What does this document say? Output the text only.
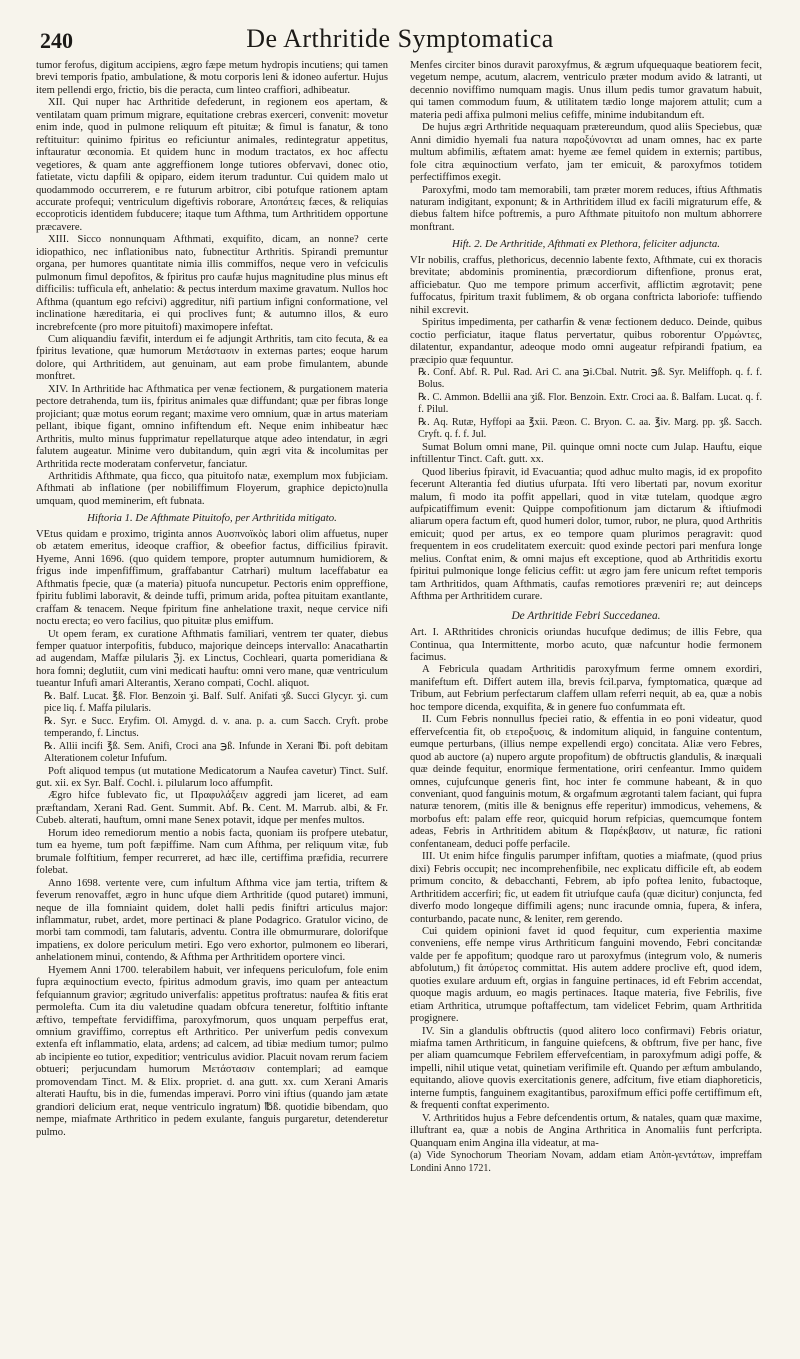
240	De Arthritide Symptomatica

tumor ferofus, digitum accipiens, ægro fæpe metum hydropis incutiens; qui tamen brevi temporis fpatio, ambulatione, & motu corporis leni & idoneo aufertur. Hujus item pellendi ergo, frictio, bis die peracta, cum linteo craffiori, adhibeatur.

XII. Qui nuper hac Arthritide defederunt, in regionem eos apertam, & ventilatam quam primum migrare, equitatione crebras exerceri, convenit: movetur enim inde, quod in pulmone reliquum eft pituitæ; & fimul is fanatur, & tono reftituitur: quinimo fpiritus eo reficiuntur animales, redintegratur appetitus, inftauratur œconomia. Et quidem hunc in modum tractatos, ex hoc affectu vegetiores, & quam ante aggreffionem longe tutiores obfervavi, donec otio, fatietate, victu dapfili & opiparo, eidem iterum traduntur. Cui quidem malo ut quodammodo occurrerem, e re futurum arbitror, cibi potufque rationem aptam accurate profequi; ventriculum digeftivis roborare, Αποπάτεις fæces, & reliquias eccoproticis identidem fubducere; itaque tum Afthma, tum Arthritidem opportune præcavere.

XIII. Sicco nonnunquam Afthmati, exquifito, dicam, an nonne? certe idiopathico, nec inflationibus nato, fubnectitur Arthritis. Spirandi premuntur organa, per humores quantitate nimia illis commiffos, neque vero in vefciculis pulmonum fimul depofitos, & fpiritus pro caufæ hujus magnitudine plus minus eft difficilis: tuffìcula eft, anhelatio: & pectus interdum maxime gravatum. Nullos hoc Afthma (quantum ego refcivi) aggreditur, nifi partium infigni conformatione, vel inclinatione hæreditaria, ei qui proclives funt; & autumno illos, & euro increbrefcente (pro more pituitofi) maximopere infeftat.

Cum aliquandiu fævifit, interdum ei fe adjungit Arthritis, tam cito fecuta, & ea fpiritus levatione, quæ humorum Μετάστασιν in externas partes; eoque harum dolore, qui Arthritidem, aut genuinam, aut eam probe fimulantem, abunde monftret.

XIV. In Arthritide hac Afthmatica per venæ fectionem, & purgationem materia pectore detrahenda, tum iis, fpiritus animales quæ diffundant; quæ per fibras longe projiciant; quæ motus eorum regant; maxime vero omnium, quæ in artus materiam pellant, ibique figant, omnino infiftendum eft. Neque enim inhibeatur hæc Arthritis, multo minus fupprimatur repellaturque atque adeo intendatur, in ægri falutem augeatur. Minime vero dubitandum, quin ægri vita & incolumitas per Arthritida recte moderatam confervetur, fanciatur.

Arthritidis Afthmate, qua ficco, qua pituitofo natæ, exemplum mox fubjiciam. Afthmati ab inflatione (per nobiliffimum Floyerum, graphice depicto)nulla umquam, quod meminerim, eft fubnata.

Hiftoria 1. De Afthmate Pituitofo, per Arthritida mitigato.

VEtus quidam e proximo, triginta annos Αυσπνοϊκὸς labori olim affuetus, nuper ob ætatem emeritus, ideoque craffior, & obeefior factus, difficilius fpiravit. Hyeme, Anni 1696. (quo quidem tempore, propter autumnum humidiorem, & frigus inde impenfiffimum, graffabantur Catrhari) multum laceffabatur ea Afthmatis fpecie, quæ (a materia) pituofa nuncupetur. Pectoris enim oppreffione, fpiritu fublimi laboravit, & deinde tuffi, primum arida, poftea pituitam exantlante, craffam & tenacem. Neque fpiritum fine anhelatione traxit, neque cervice nifi noctu erecta; eo vero facilius, quo pituitæ plus emiffum.

Ut opem feram, ex curatione Afthmatis familiari, ventrem ter quater, diebus femper quatuor interpofitis, fubduco, majorique deinceps intervallo: Anacathartin ad augendam, Maffæ pilularis ℨj. ex Linctus, Cochleari, quarta pomeridiana & hora fomni; deglutiit, cum vini medicati hauftu: omni vero mane, quæ ventriculum tueantur Infufi amari Alterantis, Xerano compati, Cochl. aliquot.

℞. Balf. Lucat. ℥ß. Flor. Benzoin ʒi. Balf. Sulf. Anifati ʒß. Succi Glycyr. ʒi. cum pice liq. f. Maffa pilularis.

℞. Syr. e Succ. Eryfim. Ol. Amygd. d. v. ana. p. a. cum Sacch. Cryft. probe temperando, f. Linctus.

℞. Allii incifi ℥ß. Sem. Anifi, Croci ana ℈ß. Infunde in Xerani ℔i. poft debitam Alterationem coletur Infufum.

Poft aliquod tempus (ut mutatione Medicatorum a Naufea cavetur) Tinct. Sulf. gut. xii. ex Syr. Balf. Cochl. i. pilularum loco affumpfit.

Ægro hifce fublevato fic, ut Πραφυλάξειν aggredi jam liceret, ad eam præftandam, Xerani Rad. Gent. Summit. Abf. ℞. Cent. M. Marrub. albi, & Fr. Cubeb. alterati, hauftum, omni mane Senex potavit, idque per menfes multos.

Horum ideo remediorum mentio a nobis facta, quoniam iis profpere utebatur, tum ea hyeme, tum poft fæpiffime. Nam cum Afthma, per reliquum vitæ, fub brumale folftitium, femper recurreret, ad hæc ille, certiffima præfidia, recurrere folebat.

Anno 1698. vertente vere, cum infultum Afthma vice jam tertia, triftem & feverum renovaffet, ægro in hunc ufque diem Arthritide (quod putaret) immuni, neque de illa fomniaint quidem, dolet halli pedis finiftri articulus major: inflammatur, rubet, ardet, more pertinaci & plane Podagrico. Gratulor vicino, de morbi tam commodi, tam falutaris, adventu. Contra ille obmurmurare, dolorifque impatiens, ex dolore periculum metiri. Ego vero exhortor, pulmonem eo liberari, anhelationem minui, contendo, & Afthma per Arthritidem oportere vinci.

Hyemem Anni 1700. telerabilem habuit, ver infequens periculofum, fole enim fupra æquinoctium evecto, fpiritus admodum gravis, imo quam per anteactum fefquiannum gravior; ægritudo univerfalis: appetitus proftratus: naufea & fitis erat permolefta. Cum ita diu valetudine quadam obfcura teneretur, folftitio inftante æftivo, tempeftate fervidiffima, paroxyfmorum, quos unquam perpeffus erat, omnium graviffimo, correptus eft Arthritico. Per univerfum pedis convexum extenfa eft inflammatio, elata, ardens; ad calcem, ad tibiæ medium tumor; pulmo ab incipiente eo tutior, expeditior; ventriculus avidior. Placuit novam rerum faciem obtueri; perjucundam humorum Μετάστασιν contemplari; ad eamque promovendam Tinct. M. & Elix. propriet. d. ana gutt. xx. cum Xerani Amaris alterati Hauftu, bis in die, fumendas imperavi. Porro vini iftius (quando jam ætate grandiori delicium erat, neque ventriculo ingratum) ℔ß. quotidie bibendam, quo nempe, miafmate Arthritico in pedem exulante, fanguis purgaretur, detenderetur pulmo.

Menfes circiter binos duravit paroxyfmus, & ægrum ufquequaque beatiorem fecit, vegetum nempe, acutum, alacrem, ventriculo præter modum avido & latranti, ut decennio noviffimo numquam magis. Unus illum pedis tumor gravatum habuit, qui tamen commodum fuum, & utilitatem tædio longe majorem attulit; cum a materia pedi affixa pulmoni melius cefiffe, minime indubitandum eft.

De hujus ægri Arthritide nequaquam prætereundum, quod aliis Speciebus, quæ Anni dimidio hyemali fua natura παροξύνονται ad unam omnes, hac ex parte multum abfimilis, æftatem amat: hyeme æe femel quidem in externis; partibus, fole citra æquinoctium verfato, jam ter emicuit, & paroxyfmos totidem perfectiffimos exegit.

Paroxyfmi, modo tam memorabili, tam præter morem reduces, iftius Afthmatis naturam indigitant, exponunt; & in Arthritidem illud ex facili migraturum effe, & diebus faltem hifce poftremis, a puro Afthmate pituitofo non multum abhorrere monftrant.

Hift. 2. De Arthritide, Afthmati ex Plethora, feliciter adjuncta.

VIr nobilis, craffus, plethoricus, decennio labente fexto, Afthmate, cui ex thoracis brevitate; abdominis prominentia, præcordiorum diftenfione, pronus erat, afficiebatur. Quo me tempore primum accerfivit, afflictim ægrotavit; pene fuffocatus, fpiritum traxit fublimem, & ob organa conftricta laboriofe: tuffiendo nihil excrevit.

Spiritus impedimenta, per catharfin & venæ fectionem deduco. Deinde, quibus coctio perficiatur, itaque flatus pervertatur, quibus roborentur Ο'ρμώντες, dilatentur, expandantur, adeoque modo omni augeatur refpirandi fpatium, ea præcipio quæ fequuntur.

℞. Conf. Abf. R. Pul. Rad. Ari C. ana ℈i.Cbal. Nutrit. ℈ß. Syr. Meliffoph. q. f. f. Bolus.

℞. C. Ammon. Bdellii ana ʒiß. Flor. Benzoin. Extr. Croci aa. ß. Balfam. Lucat. q. f. f. Pilul.

℞. Aq. Rutæ, Hyffopi aa ℥xii. Pæon. C. Bryon. C. aa. ℥iv. Marg. pp. ʒß. Sacch. Cryft. q. f. f. Jul.

Sumat Bolum omni mane, Pil. quinque omni nocte cum Julap. Hauftu, eique inftillentur Tinct. Caft. gutt. xx.

Quod liberius fpiravit, id Evacuantia; quod adhuc multo magis, id ex propofito fecerunt Alterantia fed diutius ufurpata. Ifti vero libertati par, novum exoritur malum, fi modo ita poffit appellari, quod in vitæ tutelam, quodque ægro aufpicatiffimum evenit: Quippe compofitionum jam dictarum & iftiufmodi aliarum opera factum eft, quod humeri dolor, tumor, rubor, ne plura, quod Arthritis emicuit; quod per artus, ex eo tempore quam plurimos peragravit: quod frequentem in eos crudelitatem exercuit: quod exinde pectori pari menfura longe melius. Conftat enim, & omni majus eft exceptione, quod ab Arthritidis exortu fpiritui pulmonique longe felicius ceffit: ut ægro jam fere unicum reftet temporis tam Arthritidos, quam Afthmatis, caufas remotiores præveniri re; aut deinceps Afthma per Arthritidem curare.

De Arthritide Febri Succedanea.

Art. I. ARthritides chronicis oriundas hucufque dedimus; de illis Febre, qua Continua, qua Intermittente, morbo acuto, quæ nafcuntur hodie fermonem facimus.

A Febricula quadam Arthritidis paroxyfmum ferme omnem exordiri, manifeftum eft. Differt autem illa, brevis fcil.parva, fymptomatica, quæque ad Tribum, aut Febrium perfectarum claffem ullam referri nequit, ab ea, quæ a nobis hoc tempore dicenda, exquifita, & in genere fuo confummata eft.

II. Cum Febris nonnullus fpeciei ratio, & effentia in eo poni videatur, quod effervefcentia fit, ob ετεροξυσις, & indomitum aliquid, in fanguine contentum, eumque perturbans, (illius nempe expellendi ergo) concitata. Aliæ vero Febres, quod ab auctore (a) nupero argute propofitum) de obftructis glandulis, & inæquali quæ deinde fequitur, enormique fermentatione, oriri cenfeantur. Immo quidem omnes, cujufcunque generis fint, hoc inter fe commune habeant, & in quo conveniant, quod fanguinis motum, & orgafmum ægrotanti talem faciant, qui fupra naturæ tenorem, (mitis ille & benignus effe reperitur) immodicus, vehemens, & morbofus eft: palam effe reor, quicquid horum refpicias, quemcumque fontem adeas, Febris in Arthritidem abitum & Παρέκβασιν, ut naturæ, fic rationi confentaneam, deduci poffe perfacile.

III. Ut enim hifce fingulis parumper infiftam, quoties a miafmate, (quod prius dixi) Febris occupit; nec incomprehenfibile, nec explicatu difficile eft, ab eodem primum concito, & debacchanti, Febrem, ab ipfo poftea lenito, fubactoque, Arthritidem accerfiri; fic, ut eadem fit utriufque caufa (quæ dicitur) conjuncta, fed diverfo modo longeque diffimili agens; nunc iracunde omnia, fupera, & infera, conturbando, pacate nunc, & leniter, rem gerendo.

Cui quidem opinioni favet id quod fequitur, cum experientia maxime conveniens, effe nempe virus Arthriticum fanguini movendo, Febri concitandæ valde per fe appofitum; quodque raro ut paroxyfmus (integrum volo, & numeris abfolutum,) fit ἀπύρετος committat. His autem addere proclive eft, quod idem, quoties exulare arduum eft, orgias in fanguine pertinaces, id eft Febrim accendat, quoque magis arduum, eo magis pertinaces. Itaque materia, five Febrilis, five etiam Arthritica, utrumque poftaffectum, tam videlicet Febrim, quam Arthritida progignere.

IV. Sin a glandulis obftructis (quod alitero loco confirmavi) Febris oriatur, miafma tamen Arthriticum, in fanguine quiefcens, & obftrum, five per hanc, five per aliam quamcumque Febrilem effervefcentiam, in paroxyfmum adigi poffe, & impelli, nihil utique vetat, quinetiam verifimile eft. Quando per æftum ambulando, equitando, aliove quovis exercitationis genere, adfcitum, five etiam diaphoreticis, interne fumptis, fanguinem exagitantibus, paroxifmum effici poffe certiffimum eft, & frequenti conftat experimento.

V. Arthritidos hujus a Febre defcendentis ortum, & natales, quam quæ maxime, illuftrant ea, quæ a nobis de Angina Arthritica in Anomaliis funt perfcripta. Quanquam enim Angina illa videatur, at ma-

(a) Vide Synochorum Theoriam Novam, addam etiam Απὸπ-γεντάτων, impreffam Londini Anno 1721.
